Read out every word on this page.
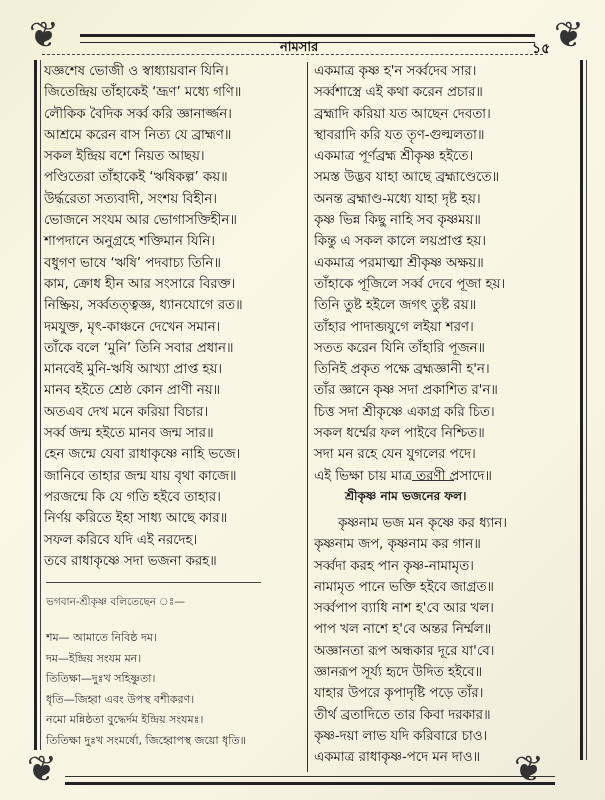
❦	❦
❦	❦
নামসার	১৫
যজ্ঞশেষ ভোজী ও স্বাধ্যায়বান যিনি।
জিতেন্দ্রিয় তাঁহাকেই ‘ভ্রূণ’ মধ্যে গণি॥
লৌকিক বৈদিক সর্ব্ব করি জ্ঞানার্জ্জন।
আশ্রমে করেন বাস নিত্য যে ব্রাহ্মণ॥
সকল ইন্দ্রিয় বশে নিয়ত আছয়।
পণ্ডিতেরা তাঁহাকেই ‘ঋষিকল্প’ কয়॥
উর্দ্ধরেতা সত্যবাদী, সংশয় বিহীন।
ভোজনে সংযম আর ভোগাসক্তিহীন॥
শাপদানে অনুগ্রহে শক্তিমান যিনি।
বধুগণ ভাষে ‘ঋষি’ পদবাচ্য তিনি॥
কাম, ক্রোধ হীন আর সংসারে বিরক্ত।
নিষ্ক্রিয়, সর্ব্বতত্ত্বজ্ঞ, ধ্যানযোগে রত॥
দমযুক্ত, মৃৎ-কাঞ্চনে দেখেন সমান।
তাঁকে বলে ‘মুনি’ তিনি সবার প্রধান॥
মানবেই মুনি-ঋষি আখ্যা প্রাপ্ত হয়।
মানব হইতে শ্রেষ্ঠ কোন প্রাণী নয়॥
অতএব দেখ মনে করিয়া বিচার।
সর্ব্ব জন্ম হইতে মানব জন্ম সার॥
হেন জন্মে যেবা রাধাকৃষ্ণে নাহি ভজে।
জানিবে তাহার জন্ম যায় বৃথা কাজে॥
পরজন্মে কি যে গতি হইবে তাহার।
নির্ণয় করিতে ইহা সাধ্য আছে কার॥
সফল করিবে যদি এই নরদেহ।
তবে রাধাকৃষ্ণে সদা ভজনা করহ॥
ভগবান-শ্রীকৃষ্ণ বলিতেছেন ঃ—
শম— আমাতে নিবিষ্ঠ দম।
দম—ইন্দ্রিয় সংযম মন।
তিতিক্ষা—দুঃখ সহিষ্ণুতা।
ধৃতি—জিহ্বা এবং উপস্থ বশীকরণ।
নমো মন্নিষ্ঠতা বুদ্ধের্দম ইন্দ্রিয় সংযমঃ।
তিতিক্ষা দুঃখ সংমর্ষো, জিহ্বোপস্থ জয়ো ধৃতি॥
একমাত্র কৃষ্ণ হ'ন সর্ব্বদেব সার।
সর্ব্বশাস্ত্রে এই কথা করেন প্রচার॥
ব্রহ্মাদি করিয়া যত আছেন দেবতা।
স্থাবরাদি করি যত তৃণ-গুল্মলতা॥
একমাত্র পূর্ণব্রহ্ম শ্রীকৃষ্ণ হইতে।
সমস্ত উদ্ভব যাহা আছে ব্রহ্মাণ্ডেতে॥
অনন্ত ব্রহ্মাণ্ড-মধ্যে যাহা দৃষ্ট হয়।
কৃষ্ণ ভিন্ন কিছু নাহি সব কৃষ্ণময়॥
কিন্তু এ সকল কালে লয়প্রাপ্ত হয়।
একমাত্র পরমাত্মা শ্রীকৃষ্ণ অক্ষয়॥
তাঁহাকে পূজিলে সর্ব্ব দেবে পূজা হয়।
তিনি তুষ্ট হইলে জগৎ তুষ্ট রয়॥
তাঁহার পাদাব্জযুগে লইয়া শরণ।
সতত করেন যিনি তাঁহারি পূজন॥
তিনিই প্রকৃত পক্ষে ব্রহ্মজ্ঞানী হ'ন।
তাঁর জ্ঞানে কৃষ্ণ সদা প্রকাশিত র'ন॥
চিত্ত সদা শ্রীকৃষ্ণে একাগ্র করি চিত।
সকল ধর্ম্মের ফল পাইবে নিশ্চিত॥
সদা মন রহে যেন যুগলের পদে।
এই ভিক্ষা চায় মাত্র তরণী প্রসাদে॥
শ্রীকৃষ্ণ নাম ভজনের ফল।
কৃষ্ণনাম ভজ মন কৃষ্ণে কর ধ্যান।
কৃষ্ণনাম জপ, কৃষ্ণনাম কর গান॥
সর্ব্বদা করহ পান কৃষ্ণ-নামামৃত।
নামামৃত পানে ভক্তি হইবে জাগ্রত॥
সর্ব্বপাপ ব্যাধি নাশ হ'বে আর খল।
পাপ খল নাশে হ'বে অন্তর নির্ম্মল॥
অজ্ঞানতা রূপ অন্ধকার দূরে যা'বে।
জ্ঞানরূপ সূর্য্য হৃদে উদিত হইবে॥
যাহার উপরে কৃপাদৃষ্টি পড়ে তাঁর।
তীর্থ ব্রতাদিতে তার কিবা দরকার॥
কৃষ্ণ-দয়া লাভ যদি করিবারে চাও।
একমাত্র রাধাকৃষ্ণ-পদে মন দাও॥
